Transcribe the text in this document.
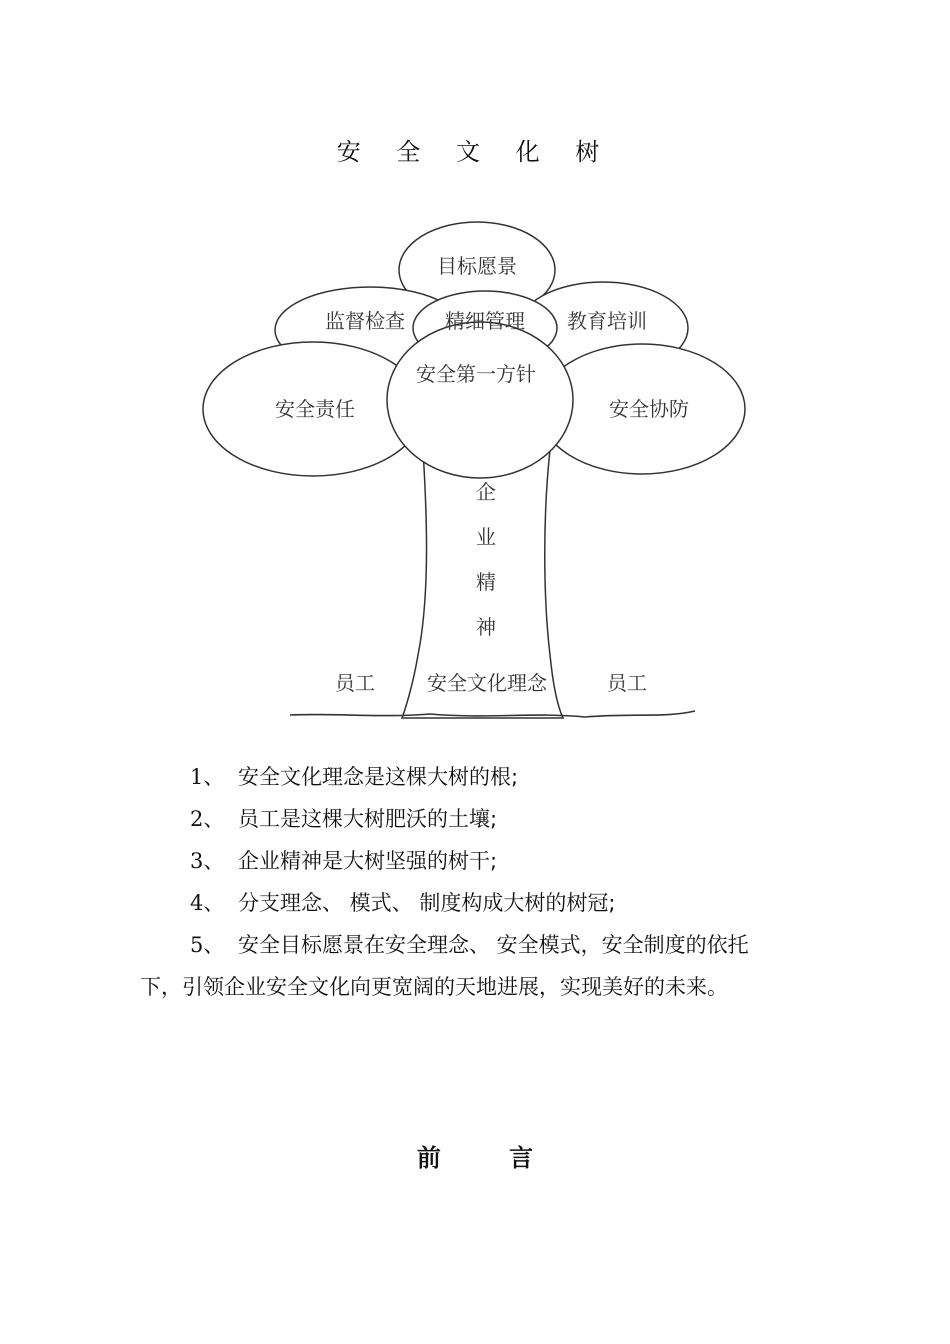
安 全 文 化 树
目标愿景
监督检查 精细管理 教育培训
安全第一方针
安全责任	安全协防
企
业
精
神
安全文化理念
员工	员工
1、 安全文化理念是这棵大树的根;
2、 员工是这棵大树肥沃的土壤;
3、 企业精神是大树坚强的树干;
4、 分支理念、 模式、 制度构成大树的树冠;
5、 安全目标愿景在安全理念、 安全模式，安全制度的依托
下，引领企业安全文化向更宽阔的天地进展，实现美好的未来。
前 言
